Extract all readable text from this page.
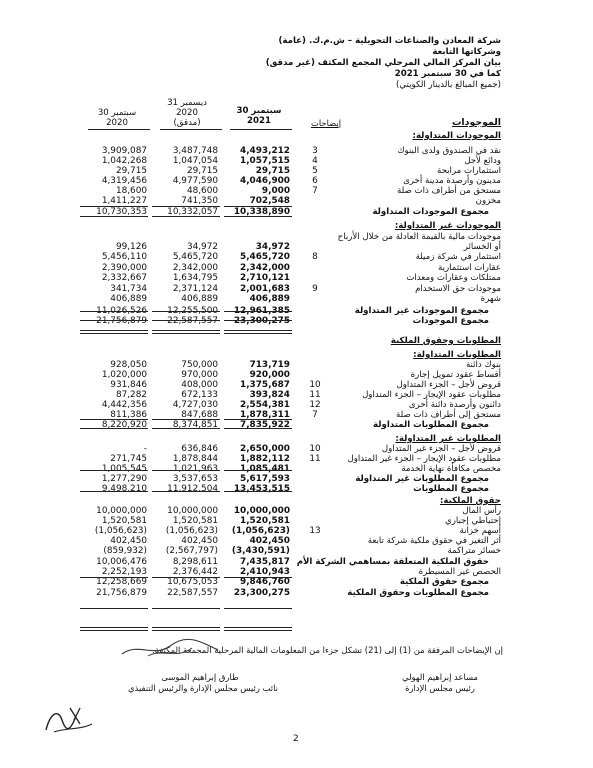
شركة المعادن والصناعات التحويلية – ش.م.ك. (عامة)
وشركاتها التابعة
بيان المركز المالي المرحلي المجمع المكثف (غير مدقق)
كما في 30 سبتمبر 2021
(جميع المبالغ بالدينار الكويتي)
إيضاحات
30 سبتمبر
2021
31 ديسمبر
2020
(مدقق)
30 سبتمبر
2020	الموجودات
الموجودات المتداولة:
نقد في الصندوق ولدى البنوك
3
4,493,212
3,487,748
3,909,087
ودائع لأجل
4
1,057,515
1,047,054
1,042,268
استثمارات مرابحة
5
29,715
29,715
29,715
مدينون وأرصدة مدينة أخرى
6
4,046,900
4,977,590
4,319,456
مستحق من أطراف ذات صلة
7
9,000
48,600
18,600
مخزون
702,548
741,350
1,411,227
مجموع الموجودات المتداولة
10,338,890
10,332,057
10,730,353
الموجودات غير المتداولة:
موجودات مالية بالقيمة العادلة من خلال الأرباح
أو الخسائر
34,972
34,972
99,126
استثمار في شركة زميلة
8
5,465,720
5,465,720
5,456,110
عقارات استثمارية
2,342,000
2,342,000
2,390,000
ممتلكات وعقارات ومعدات
2,710,121
1,634,795
2,332,667
موجودات حق الاستخدام
9
2,001,683
2,371,124
341,734
شهرة
406,889
406,889
406,889
مجموع الموجودات غير المتداولة
12,961,385
12,255,500
11,026,526
مجموع الموجودات
23,300,275
22,587,557
21,756,879
المطلوبات وحقوق الملكية
المطلوبات المتداولة:
بنوك دائنة
713,719
750,000
928,050
أقساط عقود تمويل إجارة
920,000
970,000
1,020,000
قروض لأجل – الجزء المتداول
10
1,375,687
408,000
931,846
مطلوبات عقود الإيجار – الجزء المتداول
11
393,824
672,133
87,282
دائنون وأرصدة دائنة أخرى
12
2,554,381
4,727,030
4,442,356
مستحق إلى أطراف ذات صلة
7
1,878,311
847,688
811,386
مجموع المطلوبات المتداولة
7,835,922
8,374,851
8,220,920
المطلوبات غير المتداولة:
قروض لأجل – الجزء غير المتداول
10
2,650,000
636,846
-
مطلوبات عقود الإيجار – الجزء غير المتداول
11
1,882,112
1,878,844
271,745
مخصص مكافأة نهاية الخدمة
1,085,481
1,021,963
1,005,545
مجموع المطلوبات غير المتداولة
5,617,593
3,537,653
1,277,290
مجموع المطلوبات
13,453,515
11,912,504
9,498,210
حقوق الملكية:
رأس المال
10,000,000
10,000,000
10,000,000
إحتياطي إجباري
1,520,581
1,520,581
1,520,581
أسهم خزانة
13
(1,056,623)
(1,056,623)
(1,056,623)
أثر التغير في حقوق ملكية شركة تابعة
402,450
402,450
402,450
خسائر متراكمة
(3,430,591)
(2,567,797)
(859,932)
حقوق الملكية المتعلقة بمساهمي الشركة الأم
7,435,817
8,298,611
10,006,476
الحصص غير المسيطرة
2,410,943
2,376,442
2,252,193
مجموع حقوق الملكية
9,846,760
10,675,053
12,258,669
مجموع المطلوبات وحقوق الملكية
23,300,275
22,587,557
21,756,879
إن الإيضاحات المرفقة من (1) إلى (21) تشكل جزءا من المعلومات المالية المرحلية المجمعة المكثفة.
طارق إبراهيم الموسى
نائب رئيس مجلس الإدارة والرئيس التنفيذي
مساعد إبراهيم الهولي
رئيس مجلس الإدارة
2
